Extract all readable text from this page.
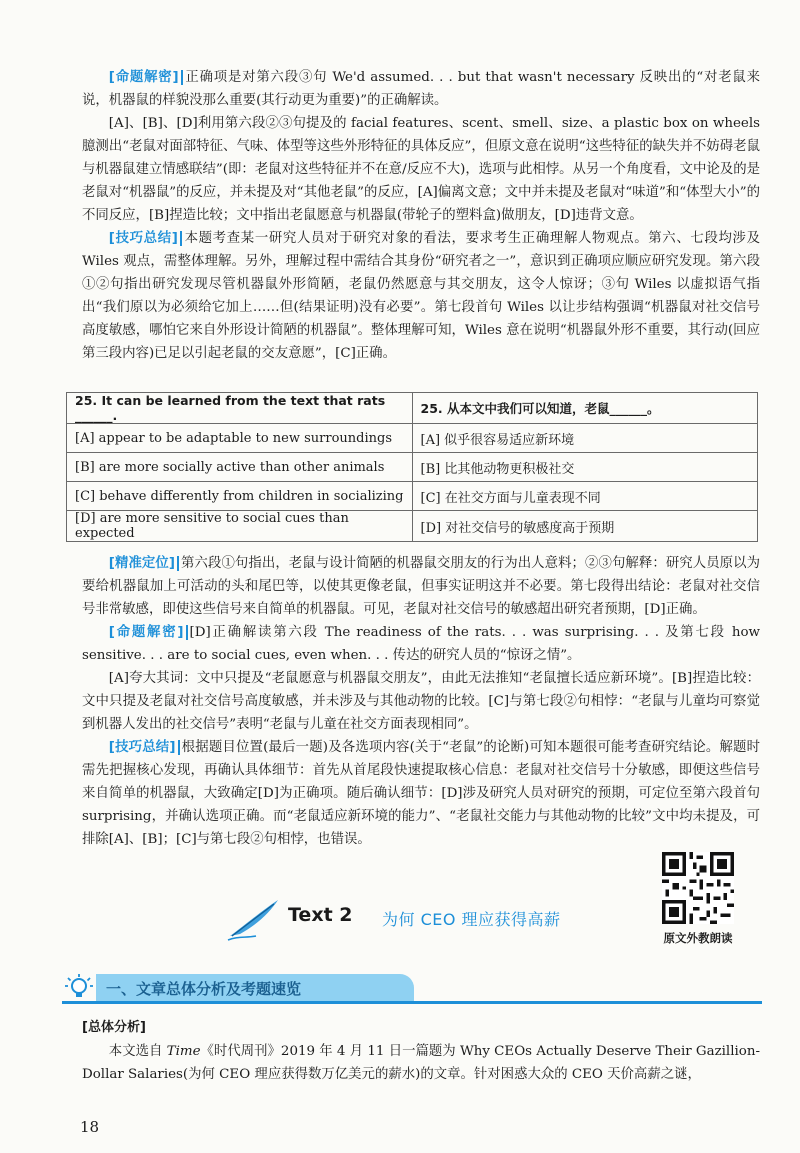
[命题解密] 正确项是对第六段③句 We'd assumed. . . but that wasn't necessary 反映出的“对老鼠来说，机器鼠的样貌没那么重要(其行动更为重要)”的正确解读。

[A]、[B]、[D]利用第六段②③句提及的 facial features、scent、smell、size、a plastic box on wheels 臆测出“老鼠对面部特征、气味、体型等这些外形特征的具体反应”，但原文意在说明“这些特征的缺失并不妨碍老鼠与机器鼠建立情感联结”(即：老鼠对这些特征并不在意/反应不大)，选项与此相悖。从另一个角度看，文中论及的是老鼠对“机器鼠”的反应，并未提及对“其他老鼠”的反应，[A]偏离文意；文中并未提及老鼠对“味道”和“体型大小”的不同反应，[B]捏造比较；文中指出老鼠愿意与机器鼠(带轮子的塑料盒)做朋友，[D]违背文意。

[技巧总结] 本题考查某一研究人员对于研究对象的看法，要求考生正确理解人物观点。第六、七段均涉及 Wiles 观点，需整体理解。另外，理解过程中需结合其身份“研究者之一”，意识到正确项应顺应研究发现。第六段①②句指出研究发现尽管机器鼠外形简陋，老鼠仍然愿意与其交朋友，这令人惊讶；③句 Wiles 以虚拟语气指出“我们原以为必须给它加上……但(结果证明)没有必要”。第七段首句 Wiles 以让步结构强调“机器鼠对社交信号高度敏感，哪怕它来自外形设计简陋的机器鼠”。整体理解可知，Wiles 意在说明“机器鼠外形不重要，其行动(回应第三段内容)已足以引起老鼠的交友意愿”，[C]正确。

25. It can be learned from the text that rats ______.	25. 从本文中我们可以知道，老鼠______。
[A] appear to be adaptable to new surroundings	[A] 似乎很容易适应新环境
[B] are more socially active than other animals	[B] 比其他动物更积极社交
[C] behave differently from children in socializing	[C] 在社交方面与儿童表现不同
[D] are more sensitive to social cues than expected	[D] 对社交信号的敏感度高于预期

[精准定位] 第六段①句指出，老鼠与设计简陋的机器鼠交朋友的行为出人意料；②③句解释：研究人员原以为要给机器鼠加上可活动的头和尾巴等，以使其更像老鼠，但事实证明这并不必要。第七段得出结论：老鼠对社交信号非常敏感，即使这些信号来自简单的机器鼠。可见，老鼠对社交信号的敏感超出研究者预期，[D]正确。

[命题解密] [D]正确解读第六段 The readiness of the rats. . . was surprising. . . 及第七段 how sensitive. . . are to social cues, even when. . . 传达的研究人员的“惊讶之情”。

[A]夸大其词：文中只提及“老鼠愿意与机器鼠交朋友”，由此无法推知“老鼠擅长适应新环境”。[B]捏造比较：文中只提及老鼠对社交信号高度敏感，并未涉及与其他动物的比较。[C]与第七段②句相悖：“老鼠与儿童均可察觉到机器人发出的社交信号”表明“老鼠与儿童在社交方面表现相同”。

[技巧总结] 根据题目位置(最后一题)及各选项内容(关于“老鼠”的论断)可知本题很可能考查研究结论。解题时需先把握核心发现，再确认具体细节：首先从首尾段快速提取核心信息：老鼠对社交信号十分敏感，即便这些信号来自简单的机器鼠，大致确定[D]为正确项。随后确认细节：[D]涉及研究人员对研究的预期，可定位至第六段首句 surprising，并确认选项正确。而“老鼠适应新环境的能力”、“老鼠社交能力与其他动物的比较”文中均未提及，可排除[A]、[B]；[C]与第七段②句相悖，也错误。

Text 2 为何 CEO 理应获得高薪
原文外教朗读
一、文章总体分析及考题速览
[总体分析]

本文选自 Time《时代周刊》2019 年 4 月 11 日一篇题为 Why CEOs Actually Deserve Their Gazillion-Dollar Salaries(为何 CEO 理应获得数万亿美元的薪水)的文章。针对困惑大众的 CEO 天价高薪之谜，

18
